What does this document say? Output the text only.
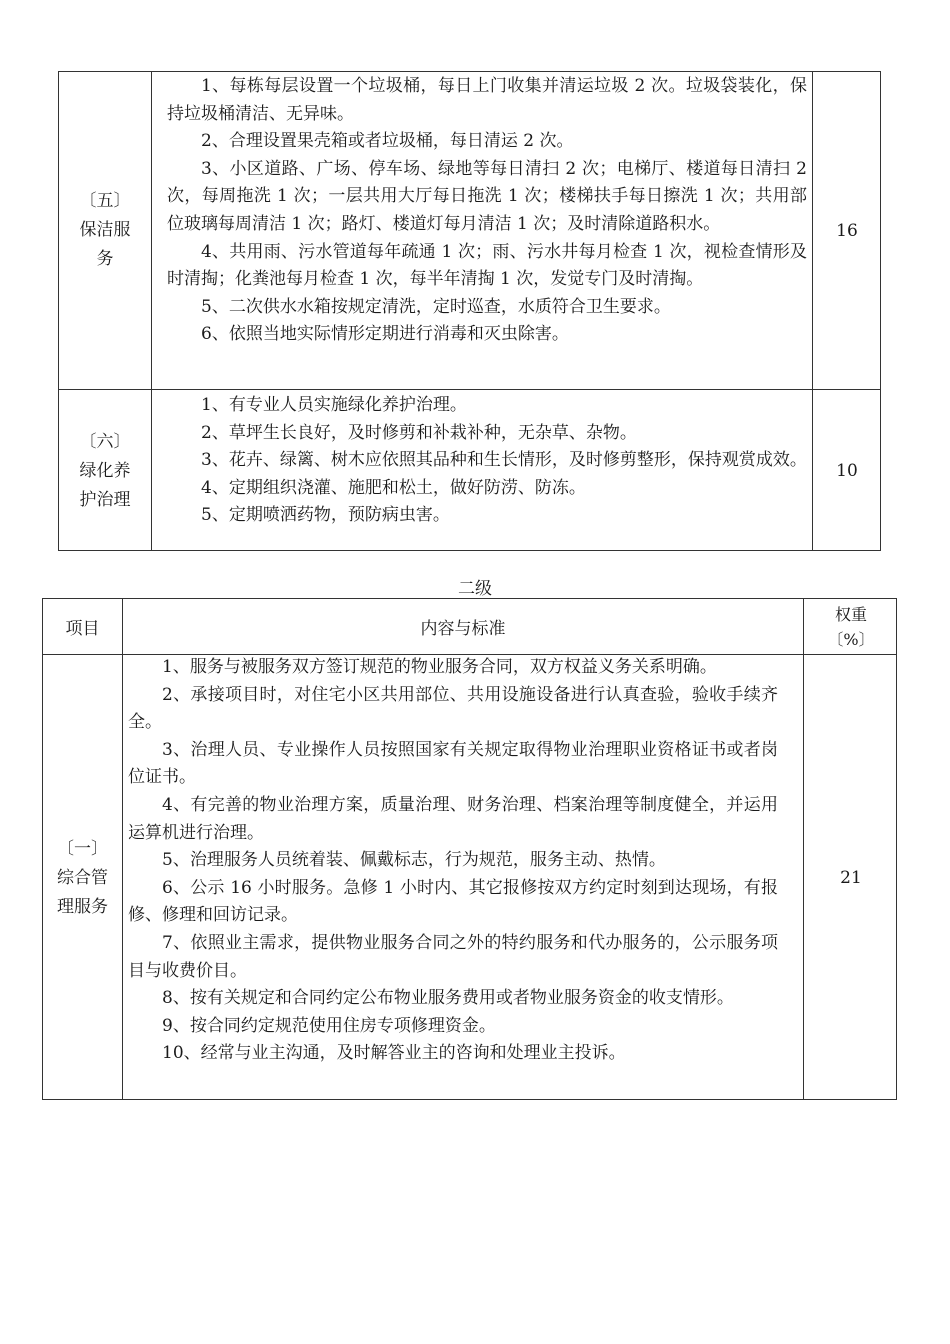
〔五〕
保洁服
务

1、每栋每层设置一个垃圾桶，每日上门收集并清运垃圾 2 次。垃圾袋装化，保持垃圾桶清洁、无异味。

2、合理设置果壳箱或者垃圾桶，每日清运 2 次。

3、小区道路、广场、停车场、绿地等每日清扫 2 次；电梯厅、楼道每日清扫 2 次，每周拖洗 1 次；一层共用大厅每日拖洗 1 次；楼梯扶手每日擦洗 1 次；共用部位玻璃每周清洁 1 次；路灯、楼道灯每月清洁 1 次；及时清除道路积水。

4、共用雨、污水管道每年疏通 1 次；雨、污水井每月检查 1 次，视检查情形及时清掏；化粪池每月检查 1 次，每半年清掏 1 次，发觉专门及时清掏。

5、二次供水水箱按规定清洗，定时巡查，水质符合卫生要求。

6、依照当地实际情形定期进行消毒和灭虫除害。

16
〔六〕
绿化养
护治理

1、有专业人员实施绿化养护治理。

2、草坪生长良好，及时修剪和补栽补种，无杂草、杂物。

3、花卉、绿篱、树木应依照其品种和生长情形，及时修剪整形，保持观赏成效。

4、定期组织浇灌、施肥和松土，做好防涝、防冻。

5、定期喷洒药物，预防病虫害。

10
二级
项目	内容与标准
权重
〔%〕
〔一〕
综合管
理服务

1、服务与被服务双方签订规范的物业服务合同，双方权益义务关系明确。

2、承接项目时，对住宅小区共用部位、共用设施设备进行认真查验，验收手续齐全。

3、治理人员、专业操作人员按照国家有关规定取得物业治理职业资格证书或者岗位证书。

4、有完善的物业治理方案，质量治理、财务治理、档案治理等制度健全，并运用运算机进行治理。

5、治理服务人员统着装、佩戴标志，行为规范，服务主动、热情。

6、公示 16 小时服务。急修 1 小时内、其它报修按双方约定时刻到达现场，有报修、修理和回访记录。

7、依照业主需求，提供物业服务合同之外的特约服务和代办服务的，公示服务项目与收费价目。

8、按有关规定和合同约定公布物业服务费用或者物业服务资金的收支情形。

9、按合同约定规范使用住房专项修理资金。

10、经常与业主沟通，及时解答业主的咨询和处理业主投诉。

21
